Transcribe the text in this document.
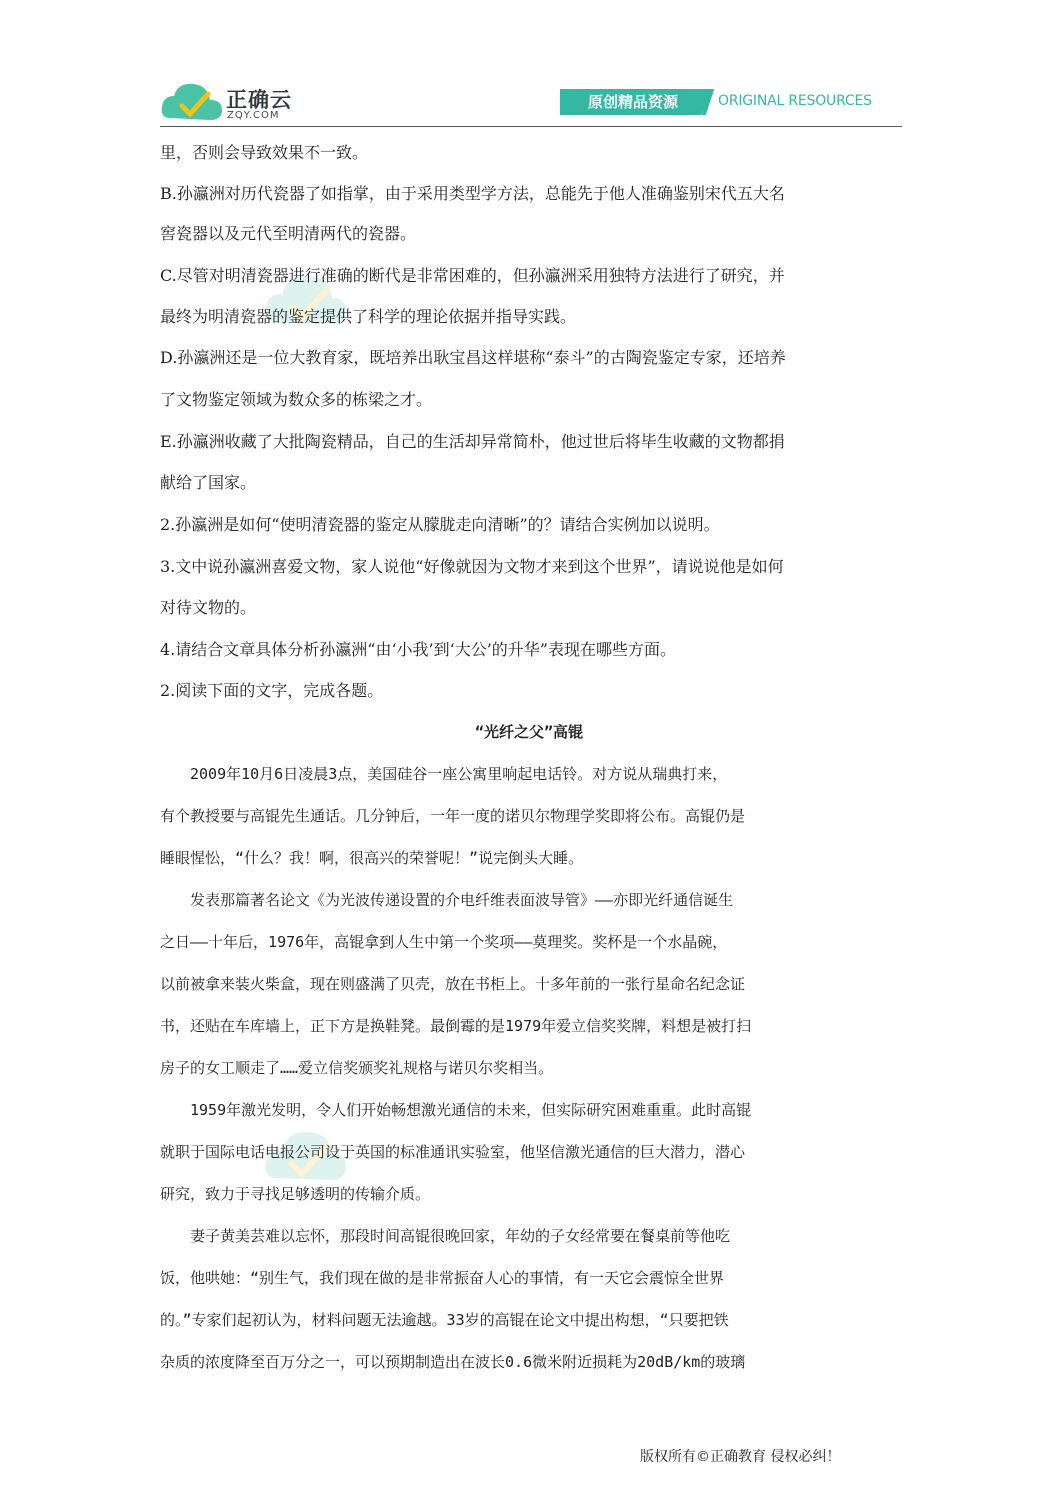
正确云
ZQY.COM
原创精品资源	ORIGINAL RESOURCES
里，否则会导致效果不一致。
B.孙瀛洲对历代瓷器了如指掌，由于采用类型学方法，总能先于他人准确鉴别宋代五大名
窖瓷器以及元代至明清两代的瓷器。
C.尽管对明清瓷器进行准确的断代是非常困难的，但孙瀛洲采用独特方法进行了研究，并
最终为明清瓷器的鉴定提供了科学的理论依据并指导实践。
D.孙瀛洲还是一位大教育家，既培养出耿宝昌这样堪称“泰斗”的古陶瓷鉴定专家，还培养
了文物鉴定领域为数众多的栋梁之才。
E.孙瀛洲收藏了大批陶瓷精品，自己的生活却异常简朴，他过世后将毕生收藏的文物都捐
献给了国家。
2.孙瀛洲是如何“使明清瓷器的鉴定从朦胧走向清晰”的？请结合实例加以说明。
3.文中说孙瀛洲喜爱文物，家人说他“好像就因为文物才来到这个世界”，请说说他是如何
对待文物的。
4.请结合文章具体分析孙瀛洲“由‘小我’到‘大公’的升华”表现在哪些方面。
2.阅读下面的文字，完成各题。
“光纤之父”高锟
　　2009年10月6日凌晨3点，美国硅谷一座公寓里响起电话铃。对方说从瑞典打来，
有个教授要与高锟先生通话。几分钟后，一年一度的诺贝尔物理学奖即将公布。高锟仍是
睡眼惺忪，“什么？我！啊，很高兴的荣誉呢！”说完倒头大睡。
　　发表那篇著名论文《为光波传递设置的介电纤维表面波导管》——亦即光纤通信诞生
之日——十年后，1976年，高锟拿到人生中第一个奖项——莫理奖。奖杯是一个水晶碗，
以前被拿来装火柴盒，现在则盛满了贝壳，放在书柜上。十多年前的一张行星命名纪念证
书，还贴在车库墙上，正下方是换鞋凳。最倒霉的是1979年爱立信奖奖牌，料想是被打扫
房子的女工顺走了……爱立信奖颁奖礼规格与诺贝尔奖相当。
　　1959年激光发明，令人们开始畅想激光通信的未来，但实际研究困难重重。此时高锟
就职于国际电话电报公司设于英国的标准通讯实验室，他坚信激光通信的巨大潜力，潜心
研究，致力于寻找足够透明的传输介质。
　　妻子黄美芸难以忘怀，那段时间高锟很晚回家，年幼的子女经常要在餐桌前等他吃
饭，他哄她：“别生气，我们现在做的是非常振奋人心的事情，有一天它会震惊全世界
的。”专家们起初认为，材料问题无法逾越。33岁的高锟在论文中提出构想，“只要把铁
杂质的浓度降至百万分之一，可以预期制造出在波长0.6微米附近损耗为20dB/km的玻璃
版权所有©正确教育 侵权必纠！
